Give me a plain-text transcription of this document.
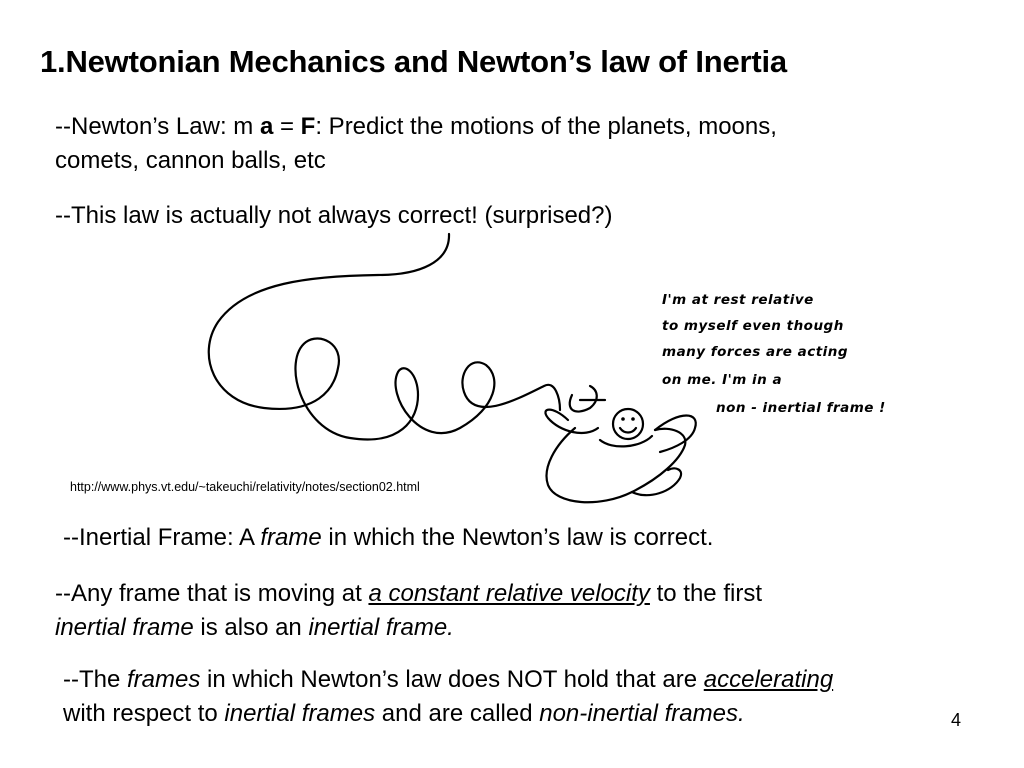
1.Newtonian Mechanics and Newton’s law of Inertia
--Newton’s Law: m a = F: Predict the motions of the planets, moons,
comets, cannon balls, etc
--This law is actually not always correct! (surprised?)
I'm at rest relative
to myself even though
many forces are acting
on me. I'm in a
non - inertial frame !
http://www.phys.vt.edu/~takeuchi/relativity/notes/section02.html
--Inertial Frame: A frame in which the Newton’s law is correct.
--Any frame that is moving at a constant relative velocity to the first
inertial frame is also an inertial frame.
--The frames in which Newton’s law does NOT hold that are accelerating
with respect to inertial frames and are called non-inertial frames.	4
